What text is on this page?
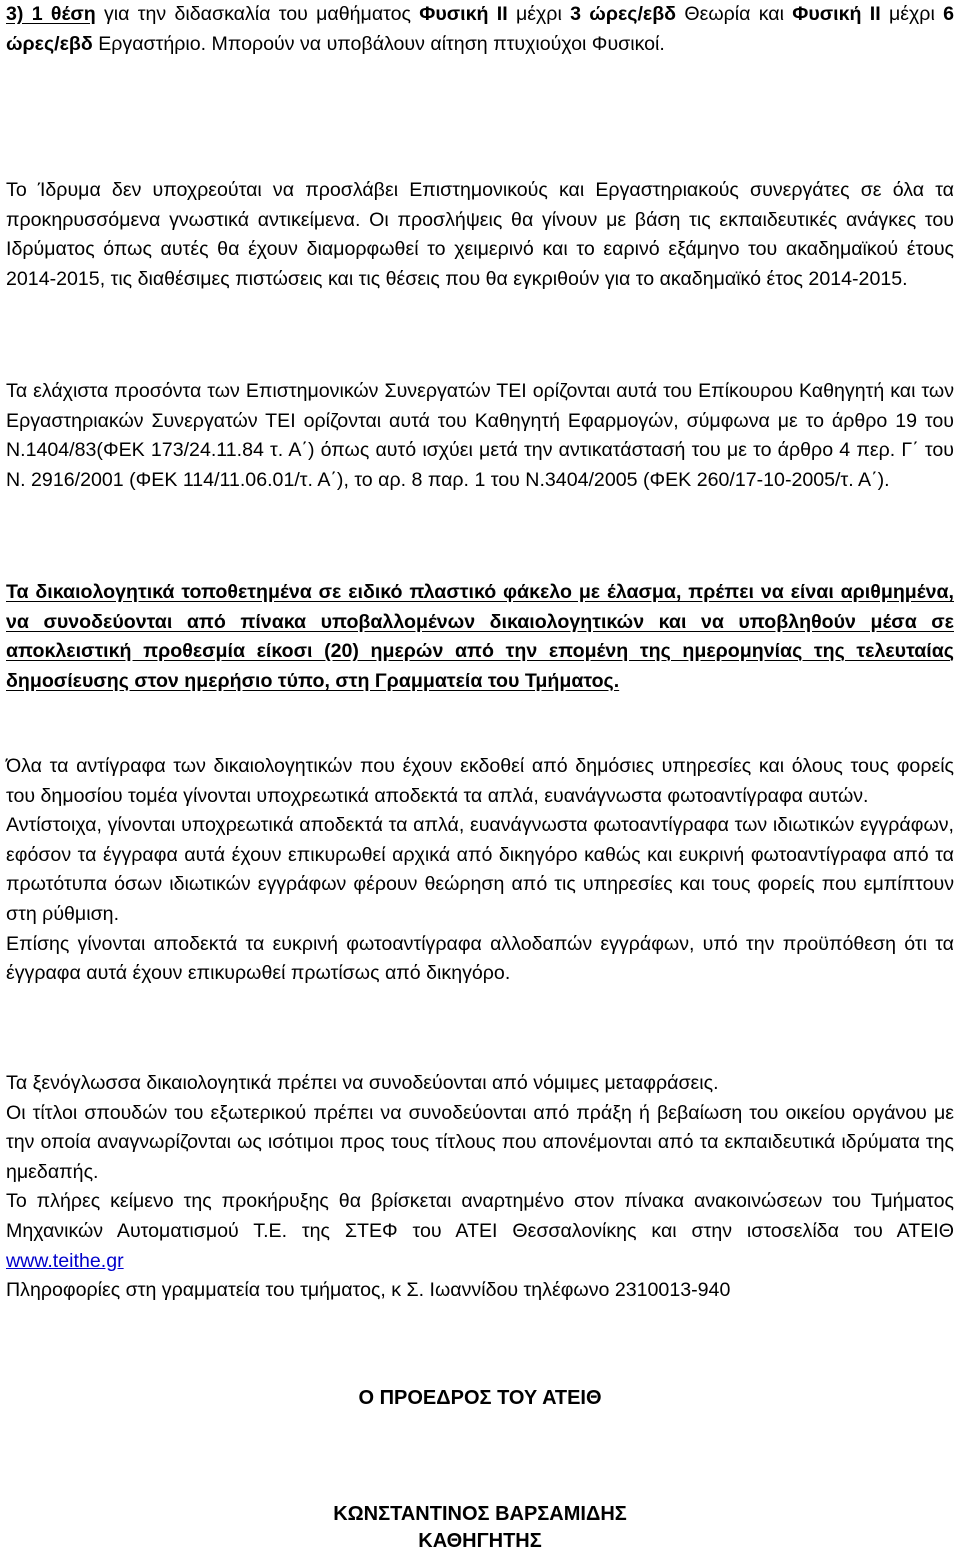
3) 1 θέση για την διδασκαλία του μαθήματος Φυσική ΙΙ μέχρι 3 ώρες/εβδ Θεωρία και Φυσική ΙΙ μέχρι 6 ώρες/εβδ Εργαστήριο. Μπορούν να υποβάλουν αίτηση πτυχιούχοι Φυσικοί.

Το Ίδρυμα δεν υποχρεούται να προσλάβει Επιστημονικούς και Εργαστηριακούς συνεργάτες σε όλα τα προκηρυσσόμενα γνωστικά αντικείμενα. Οι προσλήψεις θα γίνουν με βάση τις εκπαιδευτικές ανάγκες του Ιδρύματος όπως αυτές θα έχουν διαμορφωθεί το χειμερινό και το εαρινό εξάμηνο του ακαδημαϊκού έτους 2014-2015, τις διαθέσιμες πιστώσεις και τις θέσεις που θα εγκριθούν για το ακαδημαϊκό έτος 2014-2015.

Τα ελάχιστα προσόντα των Επιστημονικών Συνεργατών ΤΕΙ ορίζονται αυτά του Επίκουρου Καθηγητή και των Εργαστηριακών Συνεργατών ΤΕΙ ορίζονται αυτά του Καθηγητή Εφαρμογών, σύμφωνα με το άρθρο 19 του Ν.1404/83(ΦΕΚ 173/24.11.84 τ. Α΄) όπως αυτό ισχύει μετά την αντικατάστασή του με το άρθρο 4 περ. Γ΄ του Ν. 2916/2001 (ΦΕΚ 114/11.06.01/τ. Α΄), το αρ. 8 παρ. 1 του Ν.3404/2005 (ΦΕΚ 260/17-10-2005/τ. Α΄).

Τα δικαιολογητικά τοποθετημένα σε ειδικό πλαστικό φάκελο με έλασμα, πρέπει να είναι αριθμημένα, να συνοδεύονται από πίνακα υποβαλλομένων δικαιολογητικών και να υποβληθούν μέσα σε αποκλειστική προθεσμία είκοσι (20) ημερών από την επομένη της ημερομηνίας της τελευταίας δημοσίευσης στον ημερήσιο τύπο, στη Γραμματεία του Τμήματος.

Όλα τα αντίγραφα των δικαιολογητικών που έχουν εκδοθεί από δημόσιες υπηρεσίες και όλους τους φορείς του δημοσίου τομέα γίνονται υποχρεωτικά αποδεκτά τα απλά, ευανάγνωστα φωτοαντίγραφα αυτών.
Αντίστοιχα, γίνονται υποχρεωτικά αποδεκτά τα απλά, ευανάγνωστα φωτοαντίγραφα των ιδιωτικών εγγράφων, εφόσον τα έγγραφα αυτά έχουν επικυρωθεί αρχικά από δικηγόρο καθώς και ευκρινή φωτοαντίγραφα από τα πρωτότυπα όσων ιδιωτικών εγγράφων φέρουν θεώρηση από τις υπηρεσίες και τους φορείς που εμπίπτουν στη ρύθμιση.
Επίσης γίνονται αποδεκτά τα ευκρινή φωτοαντίγραφα αλλοδαπών εγγράφων, υπό την προϋπόθεση ότι τα έγγραφα αυτά έχουν επικυρωθεί πρωτίσως από δικηγόρο.
Τα ξενόγλωσσα δικαιολογητικά πρέπει να συνοδεύονται από νόμιμες μεταφράσεις.
Οι τίτλοι σπουδών του εξωτερικού πρέπει να συνοδεύονται από πράξη ή βεβαίωση του οικείου οργάνου με την οποία αναγνωρίζονται ως ισότιμοι προς τους τίτλους που απονέμονται από τα εκπαιδευτικά ιδρύματα της ημεδαπής.
Το πλήρες κείμενο της προκήρυξης θα βρίσκεται αναρτημένο στον πίνακα ανακοινώσεων του Τμήματος Μηχανικών Αυτοματισμού Τ.Ε. της ΣΤΕΦ του ΑΤΕΙ Θεσσαλονίκης και στην ιστοσελίδα του ΑΤΕΙΘ www.teithe.gr
Πληροφορίες στη γραμματεία του τμήματος, κ Σ. Ιωαννίδου τηλέφωνο 2310013-940
Ο ΠΡΟΕΔΡΟΣ ΤΟΥ ΑΤΕΙΘ
ΚΩΝΣΤΑΝΤΙΝΟΣ ΒΑΡΣΑΜΙΔΗΣ
ΚΑΘΗΓΗΤΗΣ
